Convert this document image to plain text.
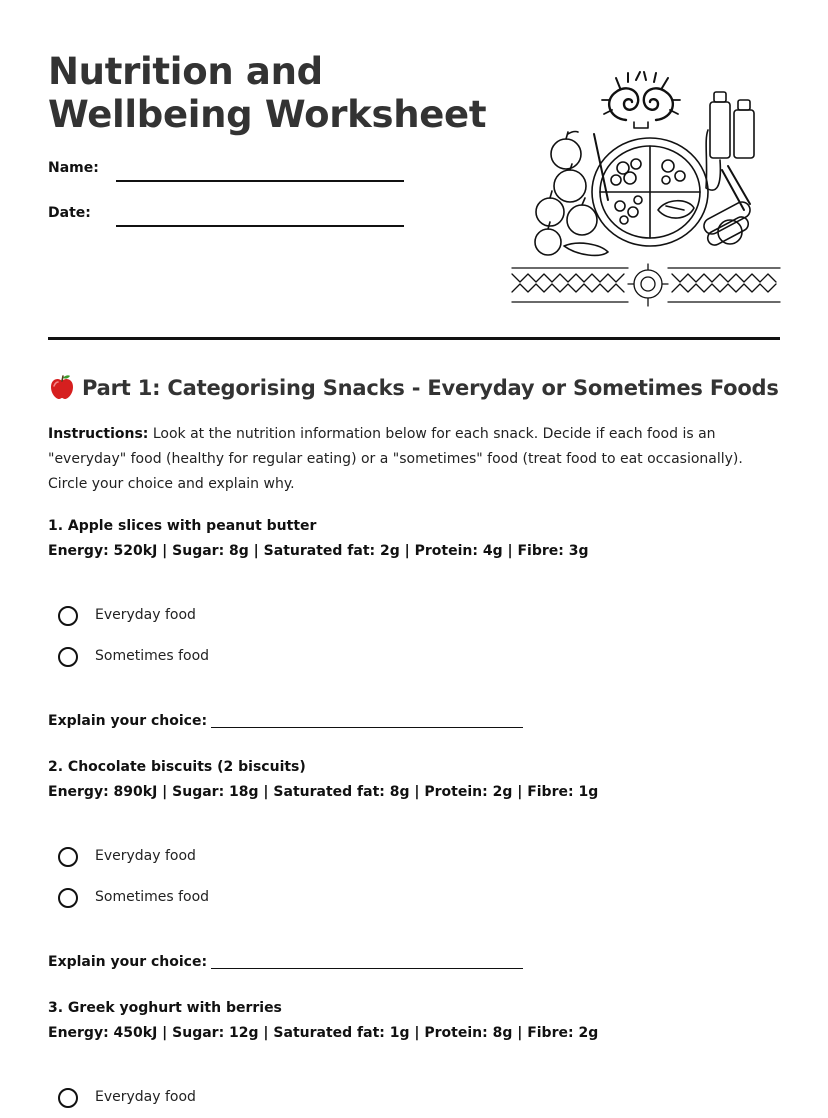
Nutrition and Wellbeing Worksheet
Name:
Date:
Part 1: Categorising Snacks - Everyday or Sometimes Foods

Instructions: Look at the nutrition information below for each snack. Decide if each food is an "everyday" food (healthy for regular eating) or a "sometimes" food (treat food to eat occasionally). Circle your choice and explain why.

1. Apple slices with peanut butter

Energy: 520kJ | Sugar: 8g | Saturated fat: 2g | Protein: 4g | Fibre: 3g

Everyday food
Sometimes food
Explain your choice:

2. Chocolate biscuits (2 biscuits)

Energy: 890kJ | Sugar: 18g | Saturated fat: 8g | Protein: 2g | Fibre: 1g

Everyday food
Sometimes food
Explain your choice:

3. Greek yoghurt with berries

Energy: 450kJ | Sugar: 12g | Saturated fat: 1g | Protein: 8g | Fibre: 2g

Everyday food
